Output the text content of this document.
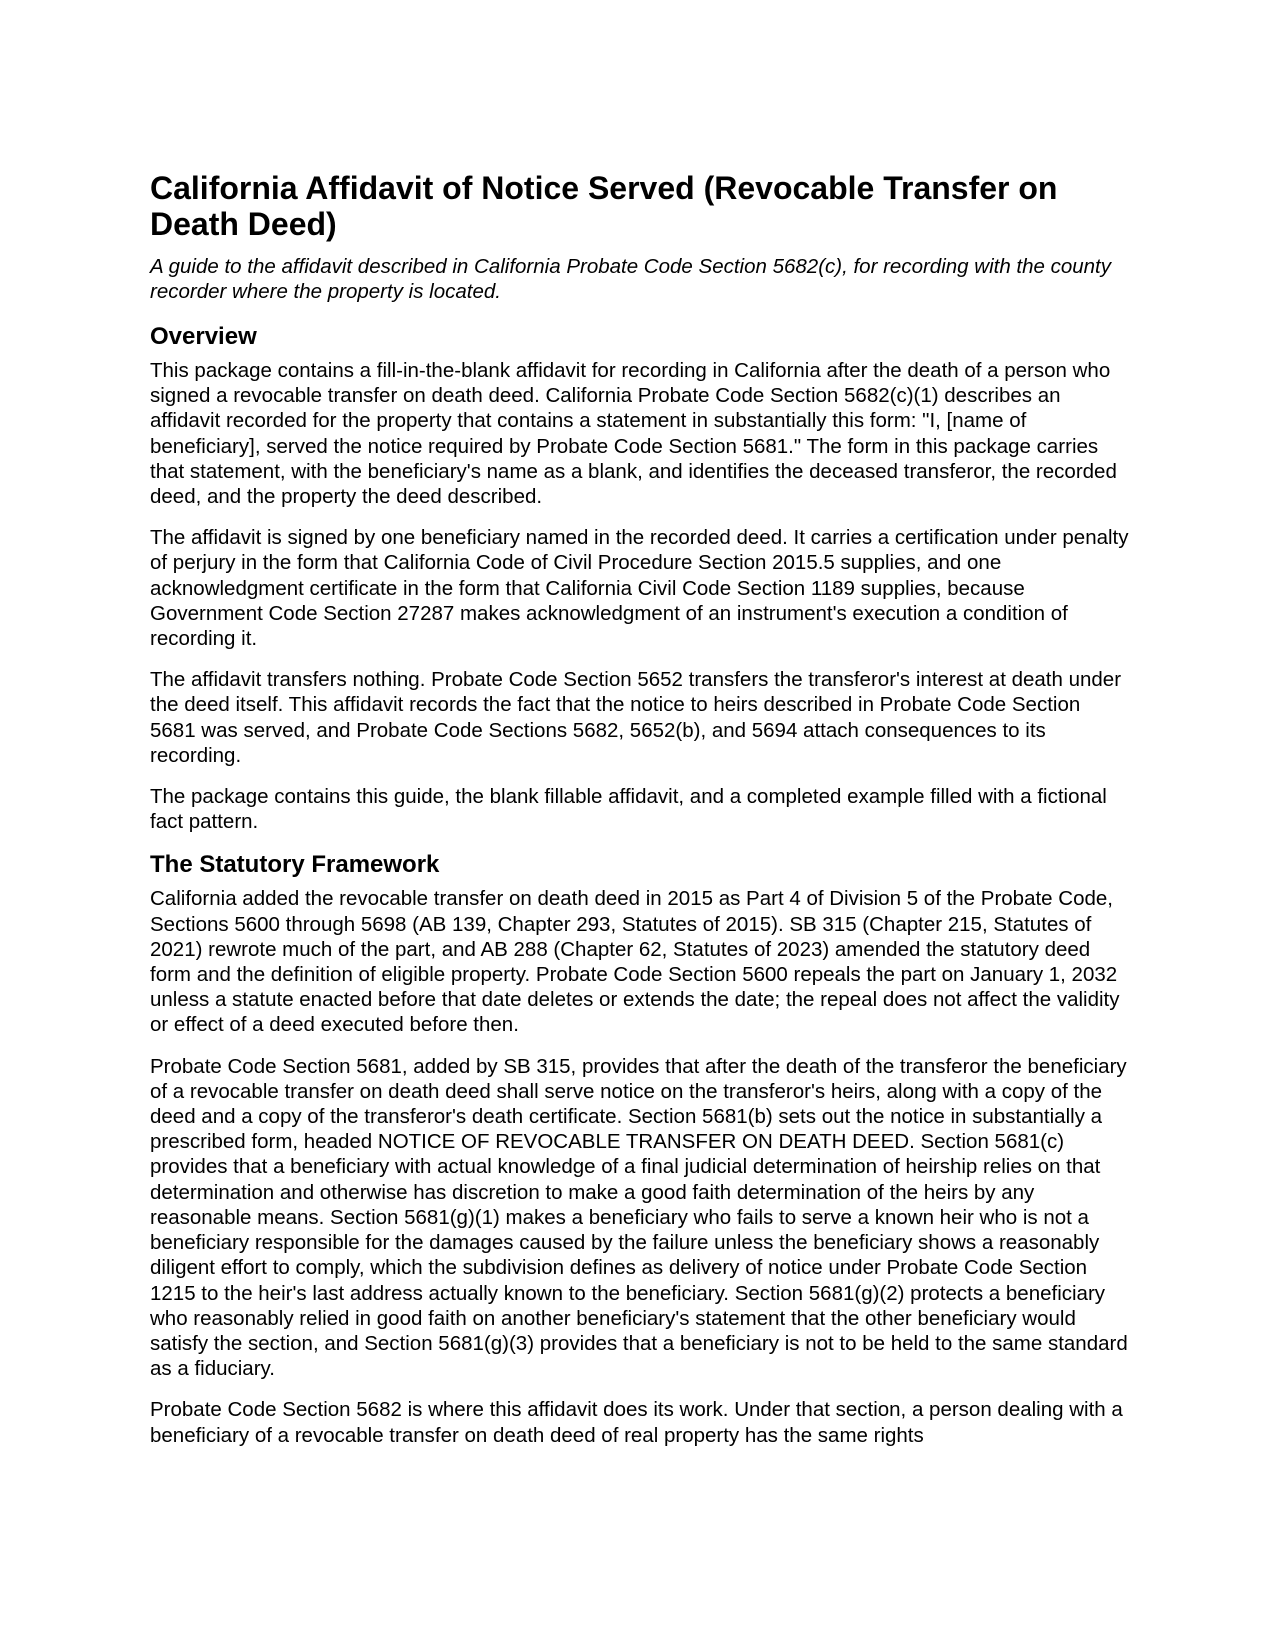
California Affidavit of Notice Served (Revocable Transfer on Death Deed)

A guide to the affidavit described in California Probate Code Section 5682(c), for recording with the county recorder where the property is located.

Overview

This package contains a fill-in-the-blank affidavit for recording in California after the death of a person who signed a revocable transfer on death deed. California Probate Code Section 5682(c)(1) describes an affidavit recorded for the property that contains a statement in substantially this form: "I, [name of beneficiary], served the notice required by Probate Code Section 5681." The form in this package carries that statement, with the beneficiary's name as a blank, and identifies the deceased transferor, the recorded deed, and the property the deed described.

The affidavit is signed by one beneficiary named in the recorded deed. It carries a certification under penalty of perjury in the form that California Code of Civil Procedure Section 2015.5 supplies, and one acknowledgment certificate in the form that California Civil Code Section 1189 supplies, because Government Code Section 27287 makes acknowledgment of an instrument's execution a condition of recording it.

The affidavit transfers nothing. Probate Code Section 5652 transfers the transferor's interest at death under the deed itself. This affidavit records the fact that the notice to heirs described in Probate Code Section 5681 was served, and Probate Code Sections 5682, 5652(b), and 5694 attach consequences to its recording.

The package contains this guide, the blank fillable affidavit, and a completed example filled with a fictional fact pattern.

The Statutory Framework

California added the revocable transfer on death deed in 2015 as Part 4 of Division 5 of the Probate Code, Sections 5600 through 5698 (AB 139, Chapter 293, Statutes of 2015). SB 315 (Chapter 215, Statutes of 2021) rewrote much of the part, and AB 288 (Chapter 62, Statutes of 2023) amended the statutory deed form and the definition of eligible property. Probate Code Section 5600 repeals the part on January 1, 2032 unless a statute enacted before that date deletes or extends the date; the repeal does not affect the validity or effect of a deed executed before then.

Probate Code Section 5681, added by SB 315, provides that after the death of the transferor the beneficiary of a revocable transfer on death deed shall serve notice on the transferor's heirs, along with a copy of the deed and a copy of the transferor's death certificate. Section 5681(b) sets out the notice in substantially a prescribed form, headed NOTICE OF REVOCABLE TRANSFER ON DEATH DEED. Section 5681(c) provides that a beneficiary with actual knowledge of a final judicial determination of heirship relies on that determination and otherwise has discretion to make a good faith determination of the heirs by any reasonable means. Section 5681(g)(1) makes a beneficiary who fails to serve a known heir who is not a beneficiary responsible for the damages caused by the failure unless the beneficiary shows a reasonably diligent effort to comply, which the subdivision defines as delivery of notice under Probate Code Section 1215 to the heir's last address actually known to the beneficiary. Section 5681(g)(2) protects a beneficiary who reasonably relied in good faith on another beneficiary's statement that the other beneficiary would satisfy the section, and Section 5681(g)(3) provides that a beneficiary is not to be held to the same standard as a fiduciary.

Probate Code Section 5682 is where this affidavit does its work. Under that section, a person dealing with a beneficiary of a revocable transfer on death deed of real property has the same rights
